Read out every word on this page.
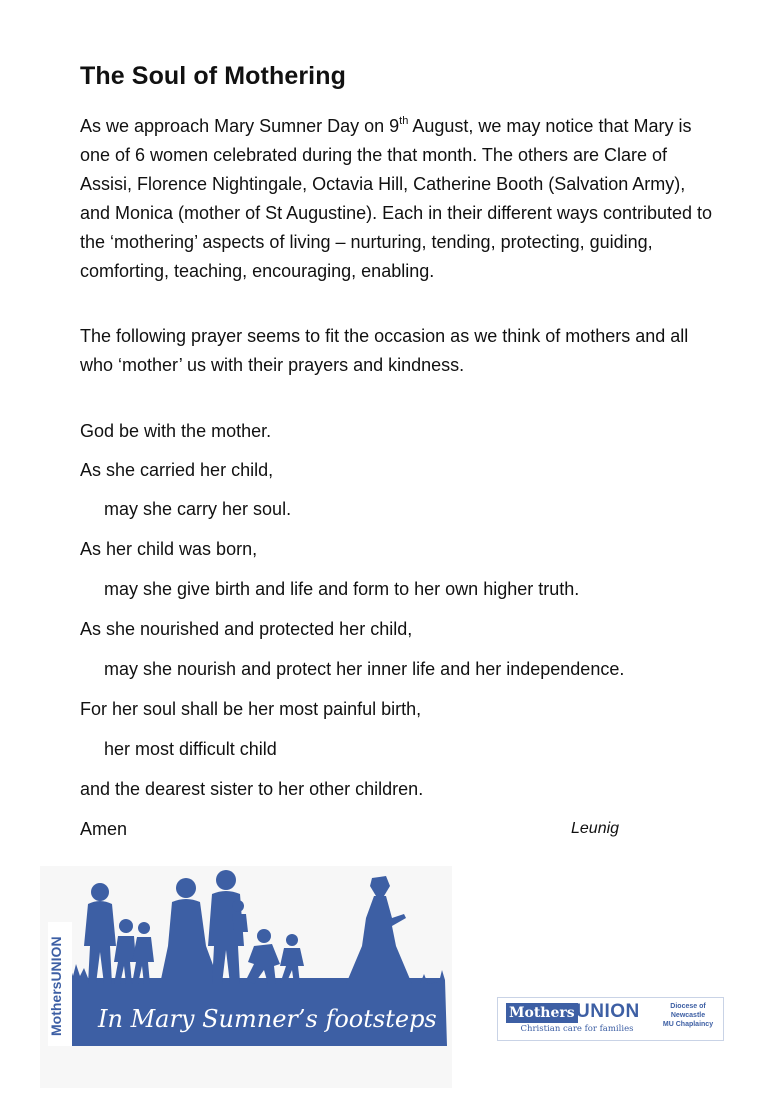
The Soul of Mothering

As we approach Mary Sumner Day on 9th August, we may notice that Mary is one of 6 women celebrated during the that month. The others are Clare of Assisi, Florence Nightingale, Octavia Hill, Catherine Booth (Salvation Army), and Monica (mother of St Augustine). Each in their different ways contributed to the ‘mothering’ aspects of living – nurturing, tending, protecting, guiding, comforting, teaching, encouraging, enabling.

The following prayer seems to fit the occasion as we think of mothers and all who ‘mother’ us with their prayers and kindness.

God be with the mother.

As she carried her child,

may she carry her soul.

As her child was born,

may she give birth and life and form to her own higher truth.

As she nourished and protected her child,

may she nourish and protect her inner life and her independence.

For her soul shall be her most painful birth,

her most difficult child

and the dearest sister to her other children.

Amen	Leunig
In Mary Sumner’s footsteps
MothersUNION	Mothers UNION
Christian care for families
Diocese of
Newcastle
MU Chaplaincy
